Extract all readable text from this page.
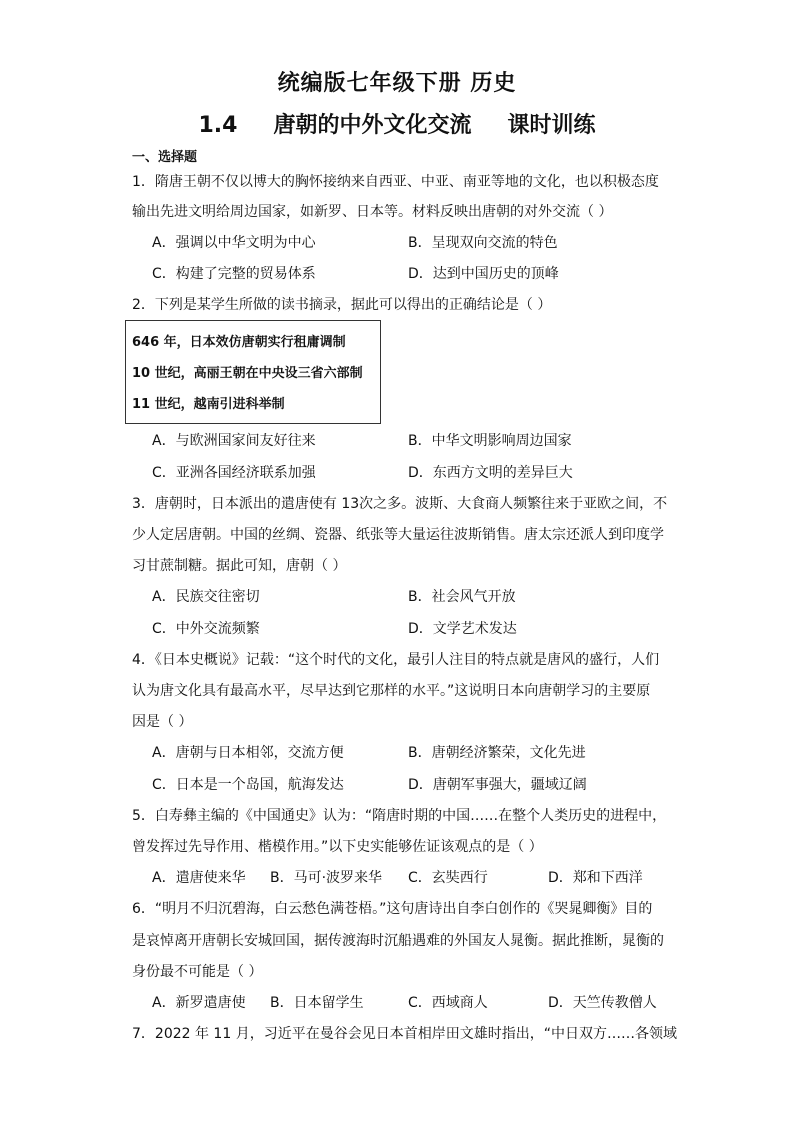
统编版七年级下册 历史
1.4 唐朝的中外文化交流 课时训练
一、选择题
1．隋唐王朝不仅以博大的胸怀接纳来自西亚、中亚、南亚等地的文化，也以积极态度
输出先进文明给周边国家，如新罗、日本等。材料反映出唐朝的对外交流（ ）
A．强调以中华文明为中心	B．呈现双向交流的特色
C．构建了完整的贸易体系	D．达到中国历史的顶峰
2．下列是某学生所做的读书摘录，据此可以得出的正确结论是（ ）
646 年，日本效仿唐朝实行租庸调制
10 世纪，高丽王朝在中央设三省六部制
11 世纪，越南引进科举制
A．与欧洲国家间友好往来	B．中华文明影响周边国家
C．亚洲各国经济联系加强	D．东西方文明的差异巨大
3．唐朝时，日本派出的遣唐使有 13次之多。波斯、大食商人频繁往来于亚欧之间，不
少人定居唐朝。中国的丝绸、瓷器、纸张等大量运往波斯销售。唐太宗还派人到印度学
习甘蔗制糖。据此可知，唐朝（ ）
A．民族交往密切	B．社会风气开放
C．中外交流频繁	D．文学艺术发达
4．《日本史概说》记载：“这个时代的文化，最引人注目的特点就是唐风的盛行，人们
认为唐文化具有最高水平，尽早达到它那样的水平。”这说明日本向唐朝学习的主要原
因是（ ）
A．唐朝与日本相邻，交流方便	B．唐朝经济繁荣，文化先进
C．日本是一个岛国，航海发达	D．唐朝军事强大，疆域辽阔
5．白寿彝主编的《中国通史》认为：“隋唐时期的中国……在整个人类历史的进程中，
曾发挥过先导作用、楷模作用。”以下史实能够佐证该观点的是（ ）
A．遣唐使来华 B．马可·波罗来华 C．玄奘西行	D．郑和下西洋
6．“明月不归沉碧海，白云愁色满苍梧。”这句唐诗出自李白创作的《哭晁卿衡》目的
是哀悼离开唐朝长安城回国，据传渡海时沉船遇难的外国友人晁衡。据此推断，晁衡的
身份最不可能是（ ）
A．新罗遣唐使 B．日本留学生	C．西域商人	D．天竺传教僧人
7．2022 年 11 月，习近平在曼谷会见日本首相岸田文雄时指出，“中日双方……各领域
